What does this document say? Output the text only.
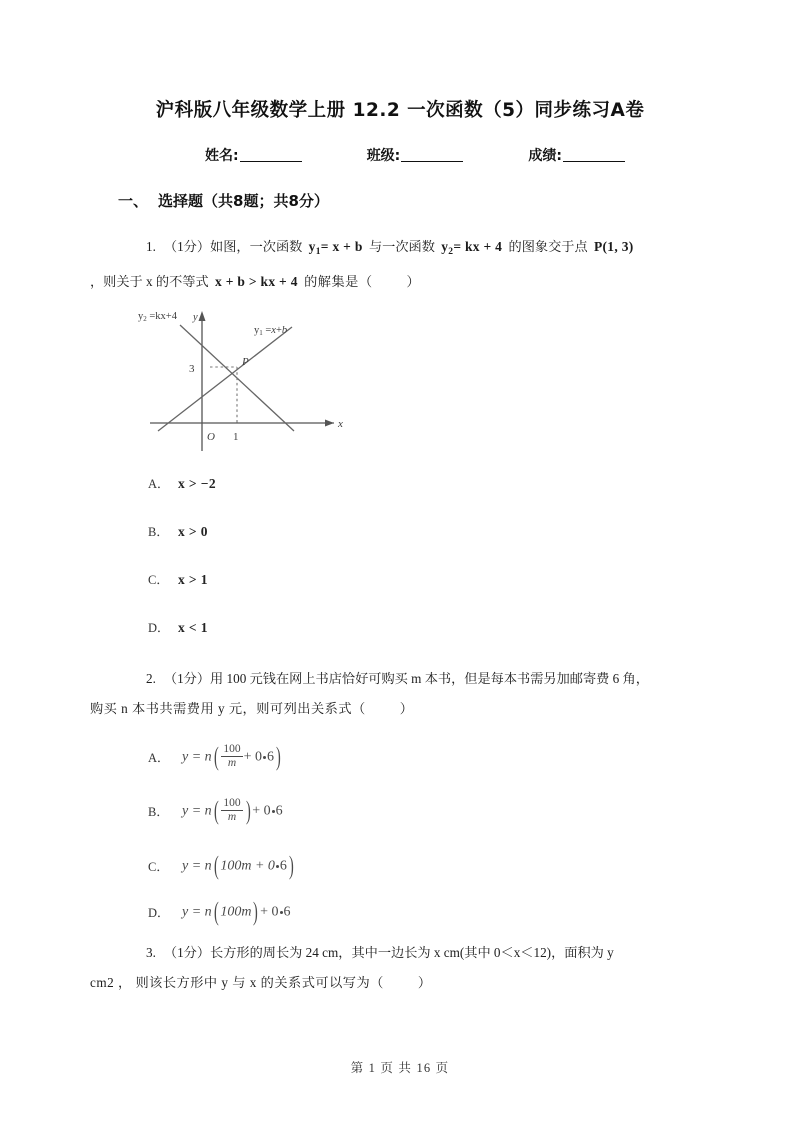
沪科版八年级数学上册 12.2 一次函数（5）同步练习A卷
姓名:	班级:	成绩:
一、 选择题（共8题；共8分）
1. （1分）如图，一次函数 $y_1= x + b$ 与一次函数 $y_2=$ kx + 4 的图象交于点 P(1, 3)
，则关于 x 的不等式 x + b > kx + 4 的解集是（	）
y2 =kx+4 y
y1 =x+b
P
3
O 1
x
A． x > −2
B． x > 0
C． x > 1
D． x < 1
2. （1分）用 100 元钱在网上书店恰好可购买 m 本书，但是每本书需另加邮寄费 6 角，
购买 n 本书共需费用 y 元，则可列出关系式（	）
A． $y = n( \frac{100}{m} + 0$ 6)
B． $y = n( \frac{100}{m}$ ) + 0 6
C． y = n( 100m + 0 6)
D． y = n( 100m) + 0 6
3. （1分）长方形的周长为 24 cm，其中一边长为 x cm(其中 0＜x＜12)，面积为 y
cm2 ， 则该长方形中 y 与 x 的关系式可以写为（	）
第 1 页 共 16 页
